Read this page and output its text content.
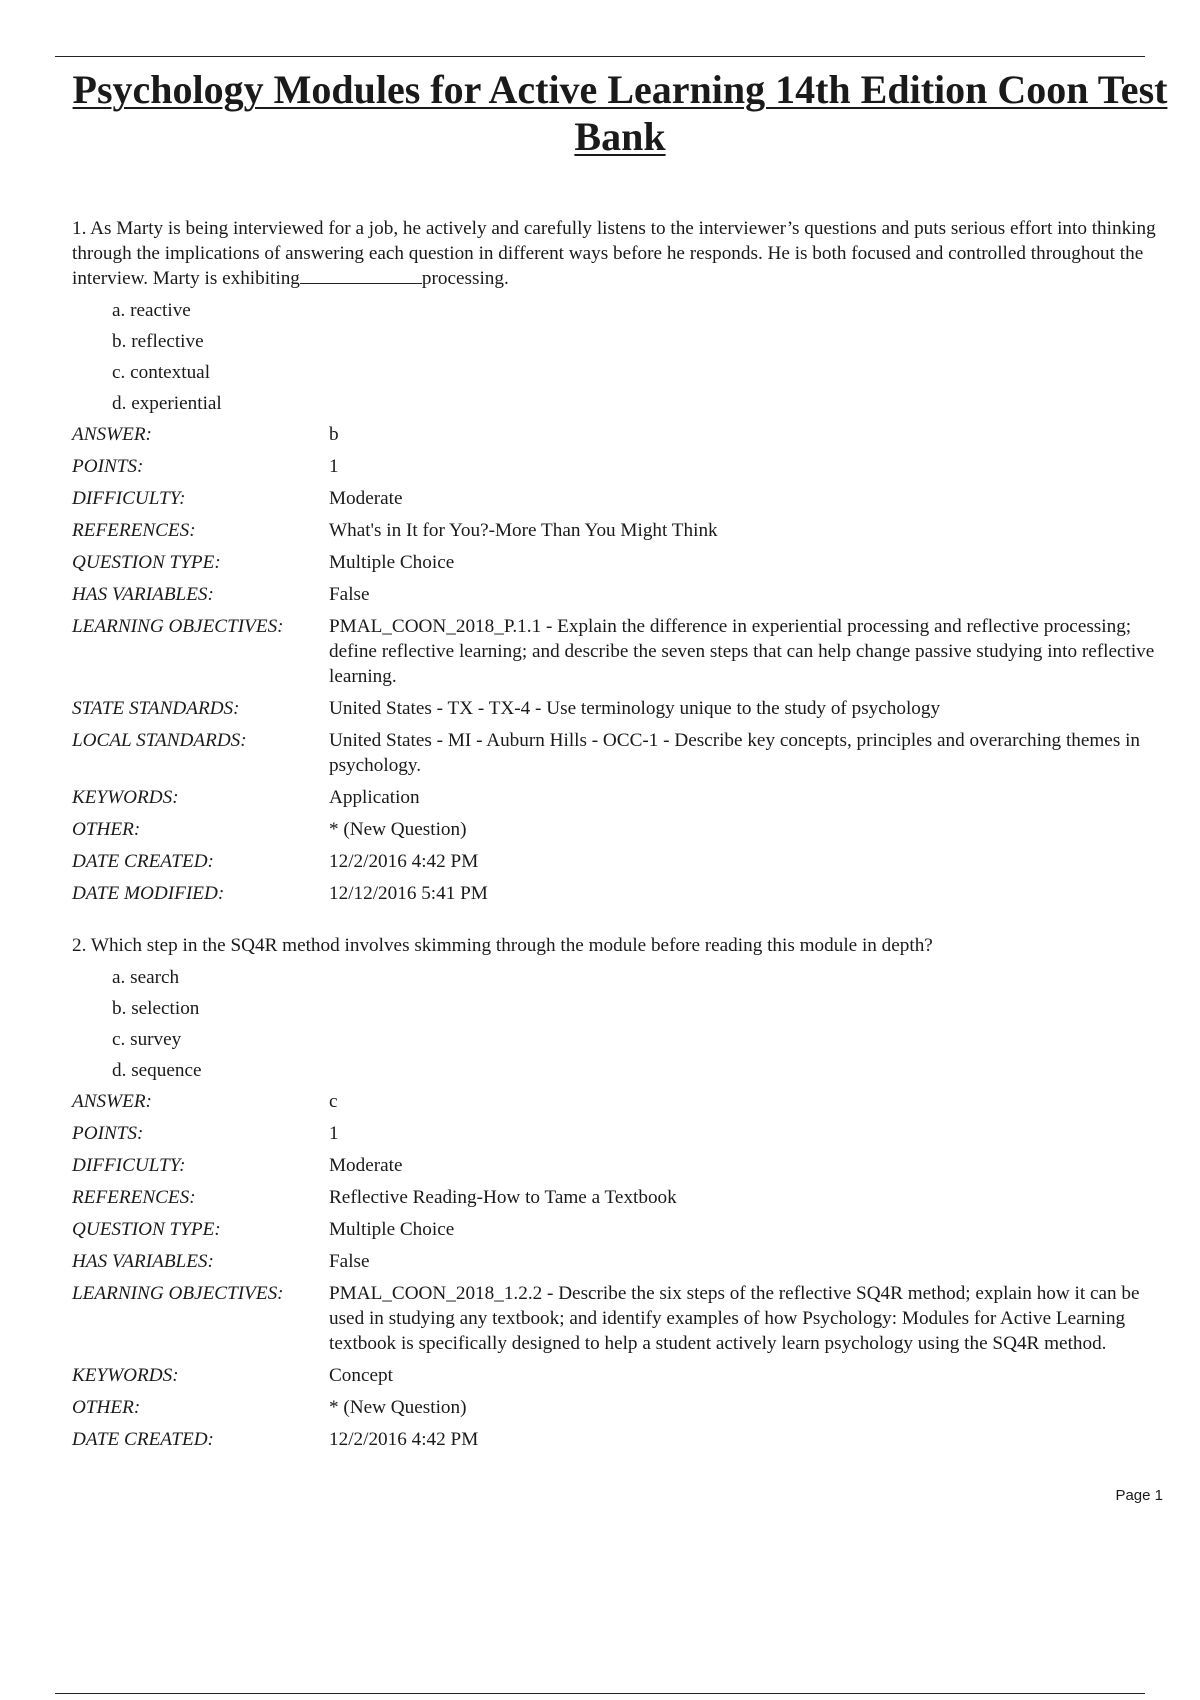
Psychology Modules for Active Learning 14th Edition Coon Test Bank

1. As Marty is being interviewed for a job, he actively and carefully listens to the interviewer’s questions and puts serious effort into thinking through the implications of answering each question in different ways before he responds. He is both focused and controlled throughout the interview. Marty is exhibiting	processing.

a. reactive
b. reflective
c. contextual
d. experiential
ANSWER:	b
POINTS:	1
DIFFICULTY:	Moderate
REFERENCES:	What's in It for You?-More Than You Might Think
QUESTION TYPE:	Multiple Choice
HAS VARIABLES:	False
LEARNING OBJECTIVES:	PMAL_COON_2018_P.1.1 - Explain the difference in experiential processing and reflective processing; define reflective learning; and describe the seven steps that can help change passive studying into reflective learning.
STATE STANDARDS:	United States - TX - TX-4 - Use terminology unique to the study of psychology
LOCAL STANDARDS:	United States - MI - Auburn Hills - OCC-1 - Describe key concepts, principles and overarching themes in psychology.
KEYWORDS:	Application
OTHER:	* (New Question)
DATE CREATED:	12/2/2016 4:42 PM
DATE MODIFIED:	12/12/2016 5:41 PM

2. Which step in the SQ4R method involves skimming through the module before reading this module in depth?

a. search
b. selection
c. survey
d. sequence
ANSWER:	c
POINTS:	1
DIFFICULTY:	Moderate
REFERENCES:	Reflective Reading-How to Tame a Textbook
QUESTION TYPE:	Multiple Choice
HAS VARIABLES:	False
LEARNING OBJECTIVES:	PMAL_COON_2018_1.2.2 - Describe the six steps of the reflective SQ4R method; explain how it can be used in studying any textbook; and identify examples of how Psychology: Modules for Active Learning textbook is specifically designed to help a student actively learn psychology using the SQ4R method.
KEYWORDS:	Concept
OTHER:	* (New Question)
DATE CREATED:	12/2/2016 4:42 PM
Page 1
